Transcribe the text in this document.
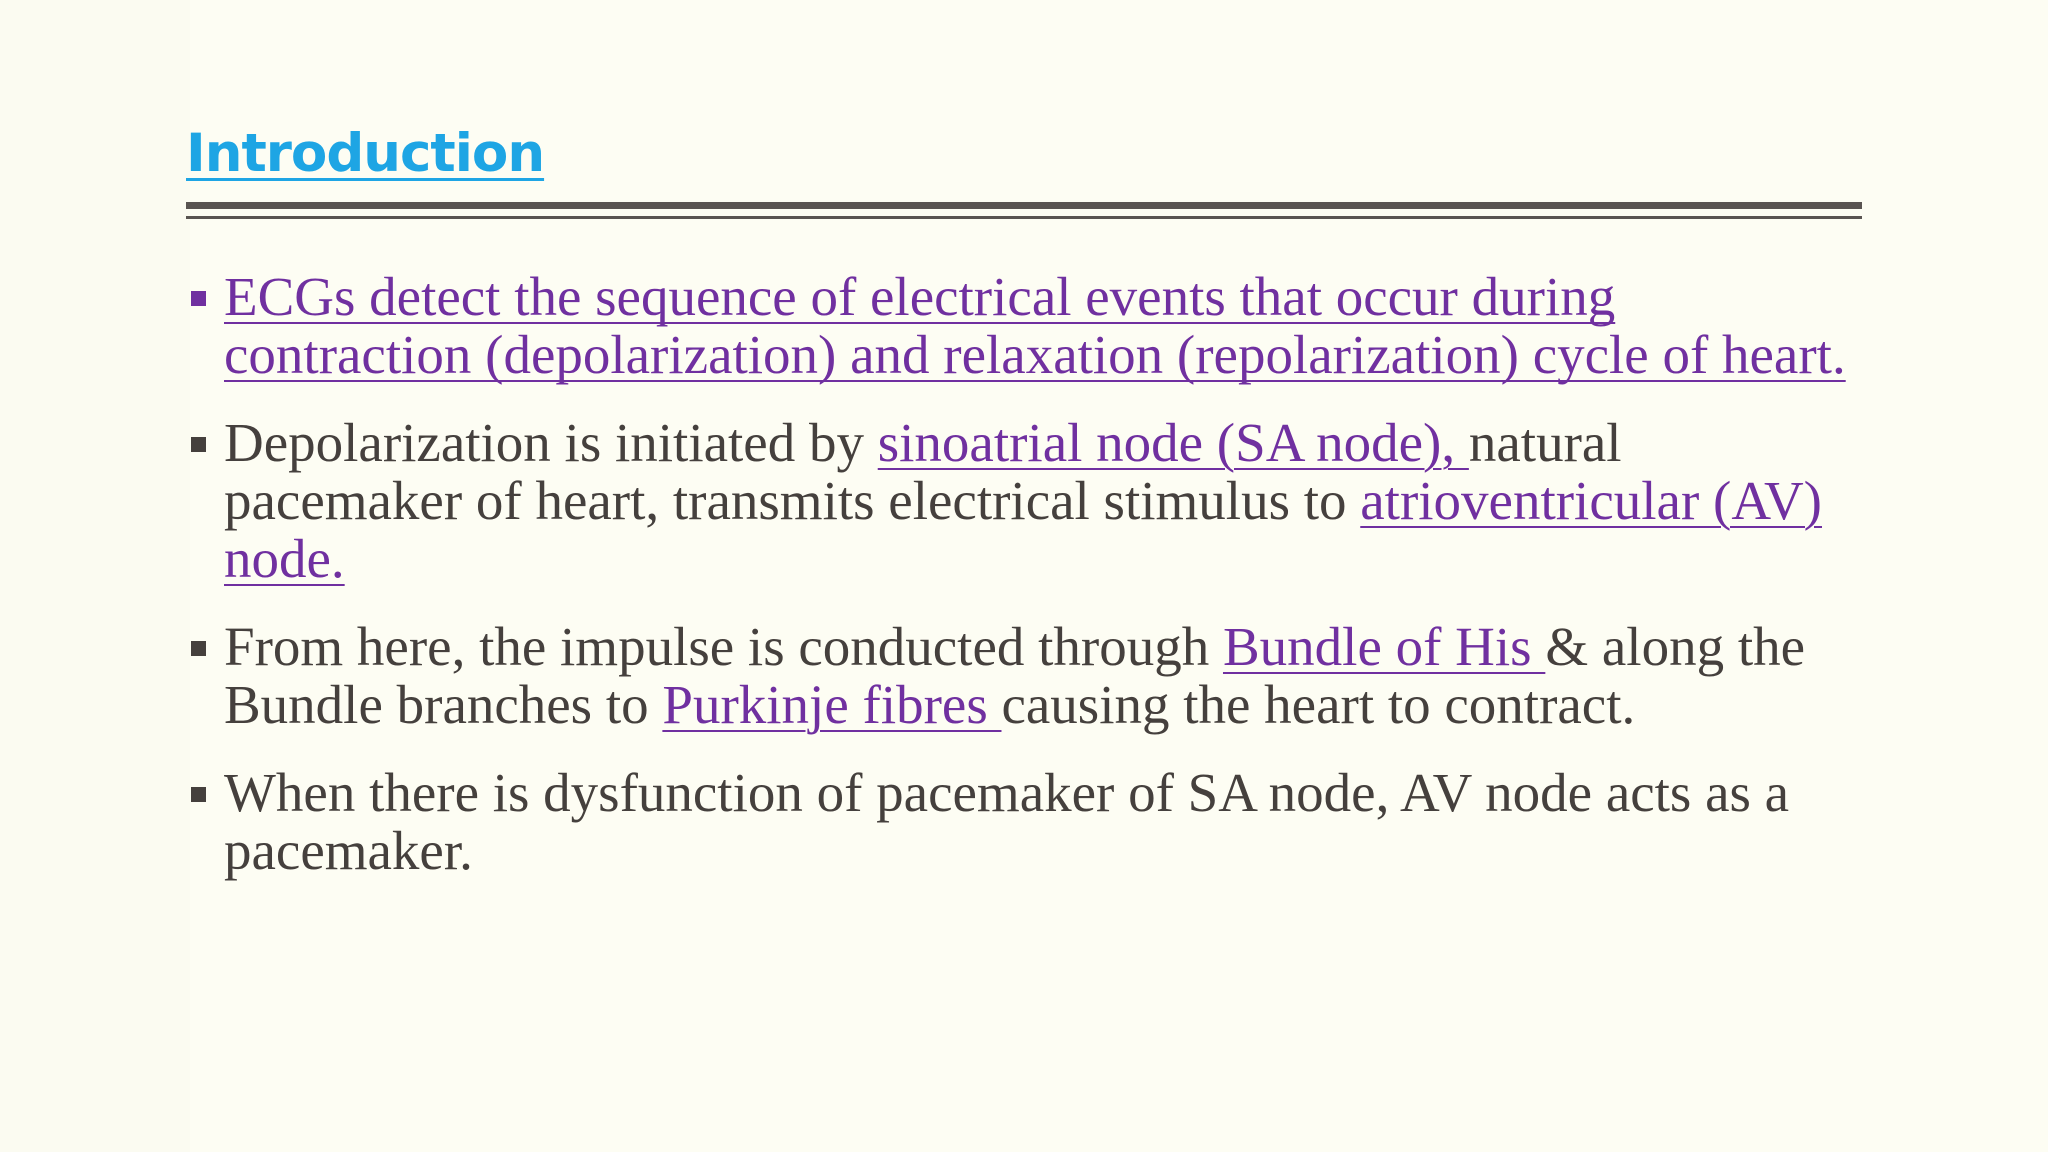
Introduction
ECGs detect the sequence of electrical events that occur during contraction (depolarization) and relaxation (repolarization) cycle of heart.
Depolarization is initiated by sinoatrial node (SA node), natural pacemaker of heart, transmits electrical stimulus to atrioventricular (AV) node.
From here, the impulse is conducted through Bundle of His & along the Bundle branches to Purkinje fibres causing the heart to contract.
When there is dysfunction of pacemaker of SA node, AV node acts as a pacemaker.
